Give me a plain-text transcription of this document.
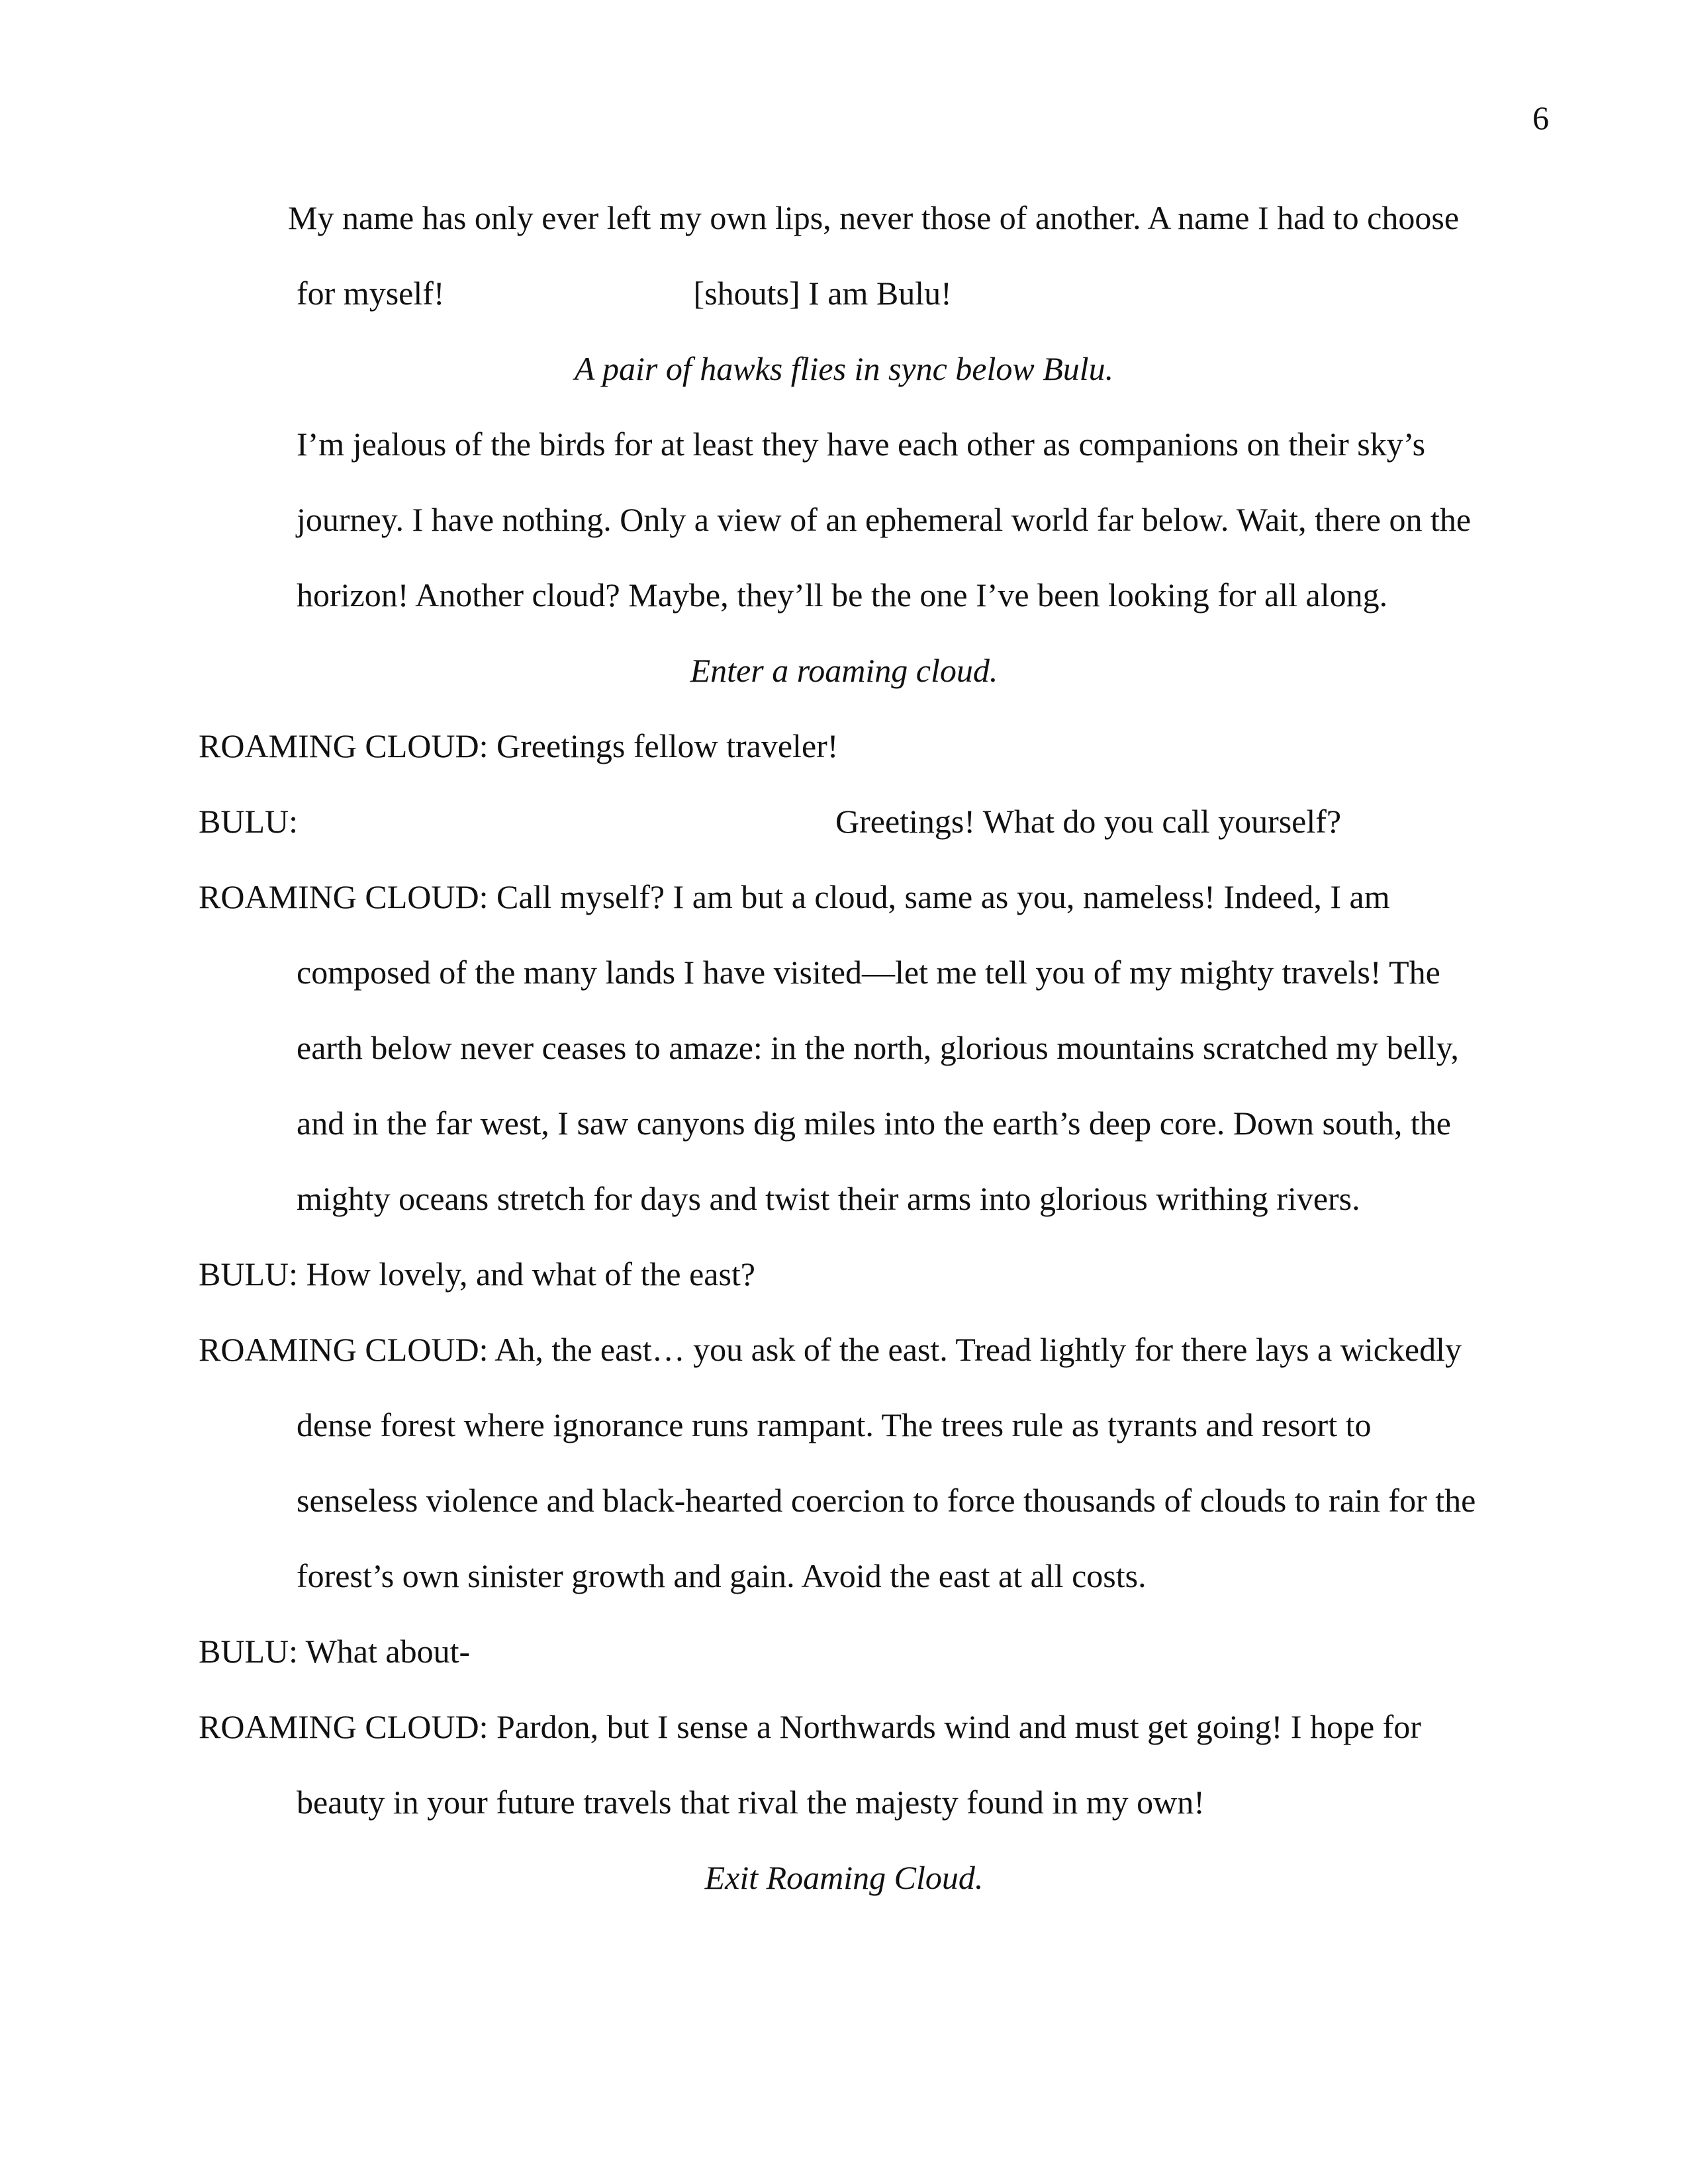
6
My name has only ever left my own lips, never those of another. A name I had to choose
for myself!	[shouts] I am Bulu!
A pair of hawks flies in sync below Bulu.
I’m jealous of the birds for at least they have each other as companions on their sky’s
journey. I have nothing. Only a view of an ephemeral world far below. Wait, there on the
horizon! Another cloud? Maybe, they’ll be the one I’ve been looking for all along.
Enter a roaming cloud.
ROAMING CLOUD: Greetings fellow traveler!
BULU:	Greetings! What do you call yourself?
ROAMING CLOUD: Call myself? I am but a cloud, same as you, nameless! Indeed, I am
composed of the many lands I have visited—let me tell you of my mighty travels! The
earth below never ceases to amaze: in the north, glorious mountains scratched my belly,
and in the far west, I saw canyons dig miles into the earth’s deep core. Down south, the
mighty oceans stretch for days and twist their arms into glorious writhing rivers.
BULU: How lovely, and what of the east?
ROAMING CLOUD: Ah, the east… you ask of the east. Tread lightly for there lays a wickedly
dense forest where ignorance runs rampant. The trees rule as tyrants and resort to
senseless violence and black-hearted coercion to force thousands of clouds to rain for the
forest’s own sinister growth and gain. Avoid the east at all costs.
BULU: What about-
ROAMING CLOUD: Pardon, but I sense a Northwards wind and must get going! I hope for
beauty in your future travels that rival the majesty found in my own!
Exit Roaming Cloud.
